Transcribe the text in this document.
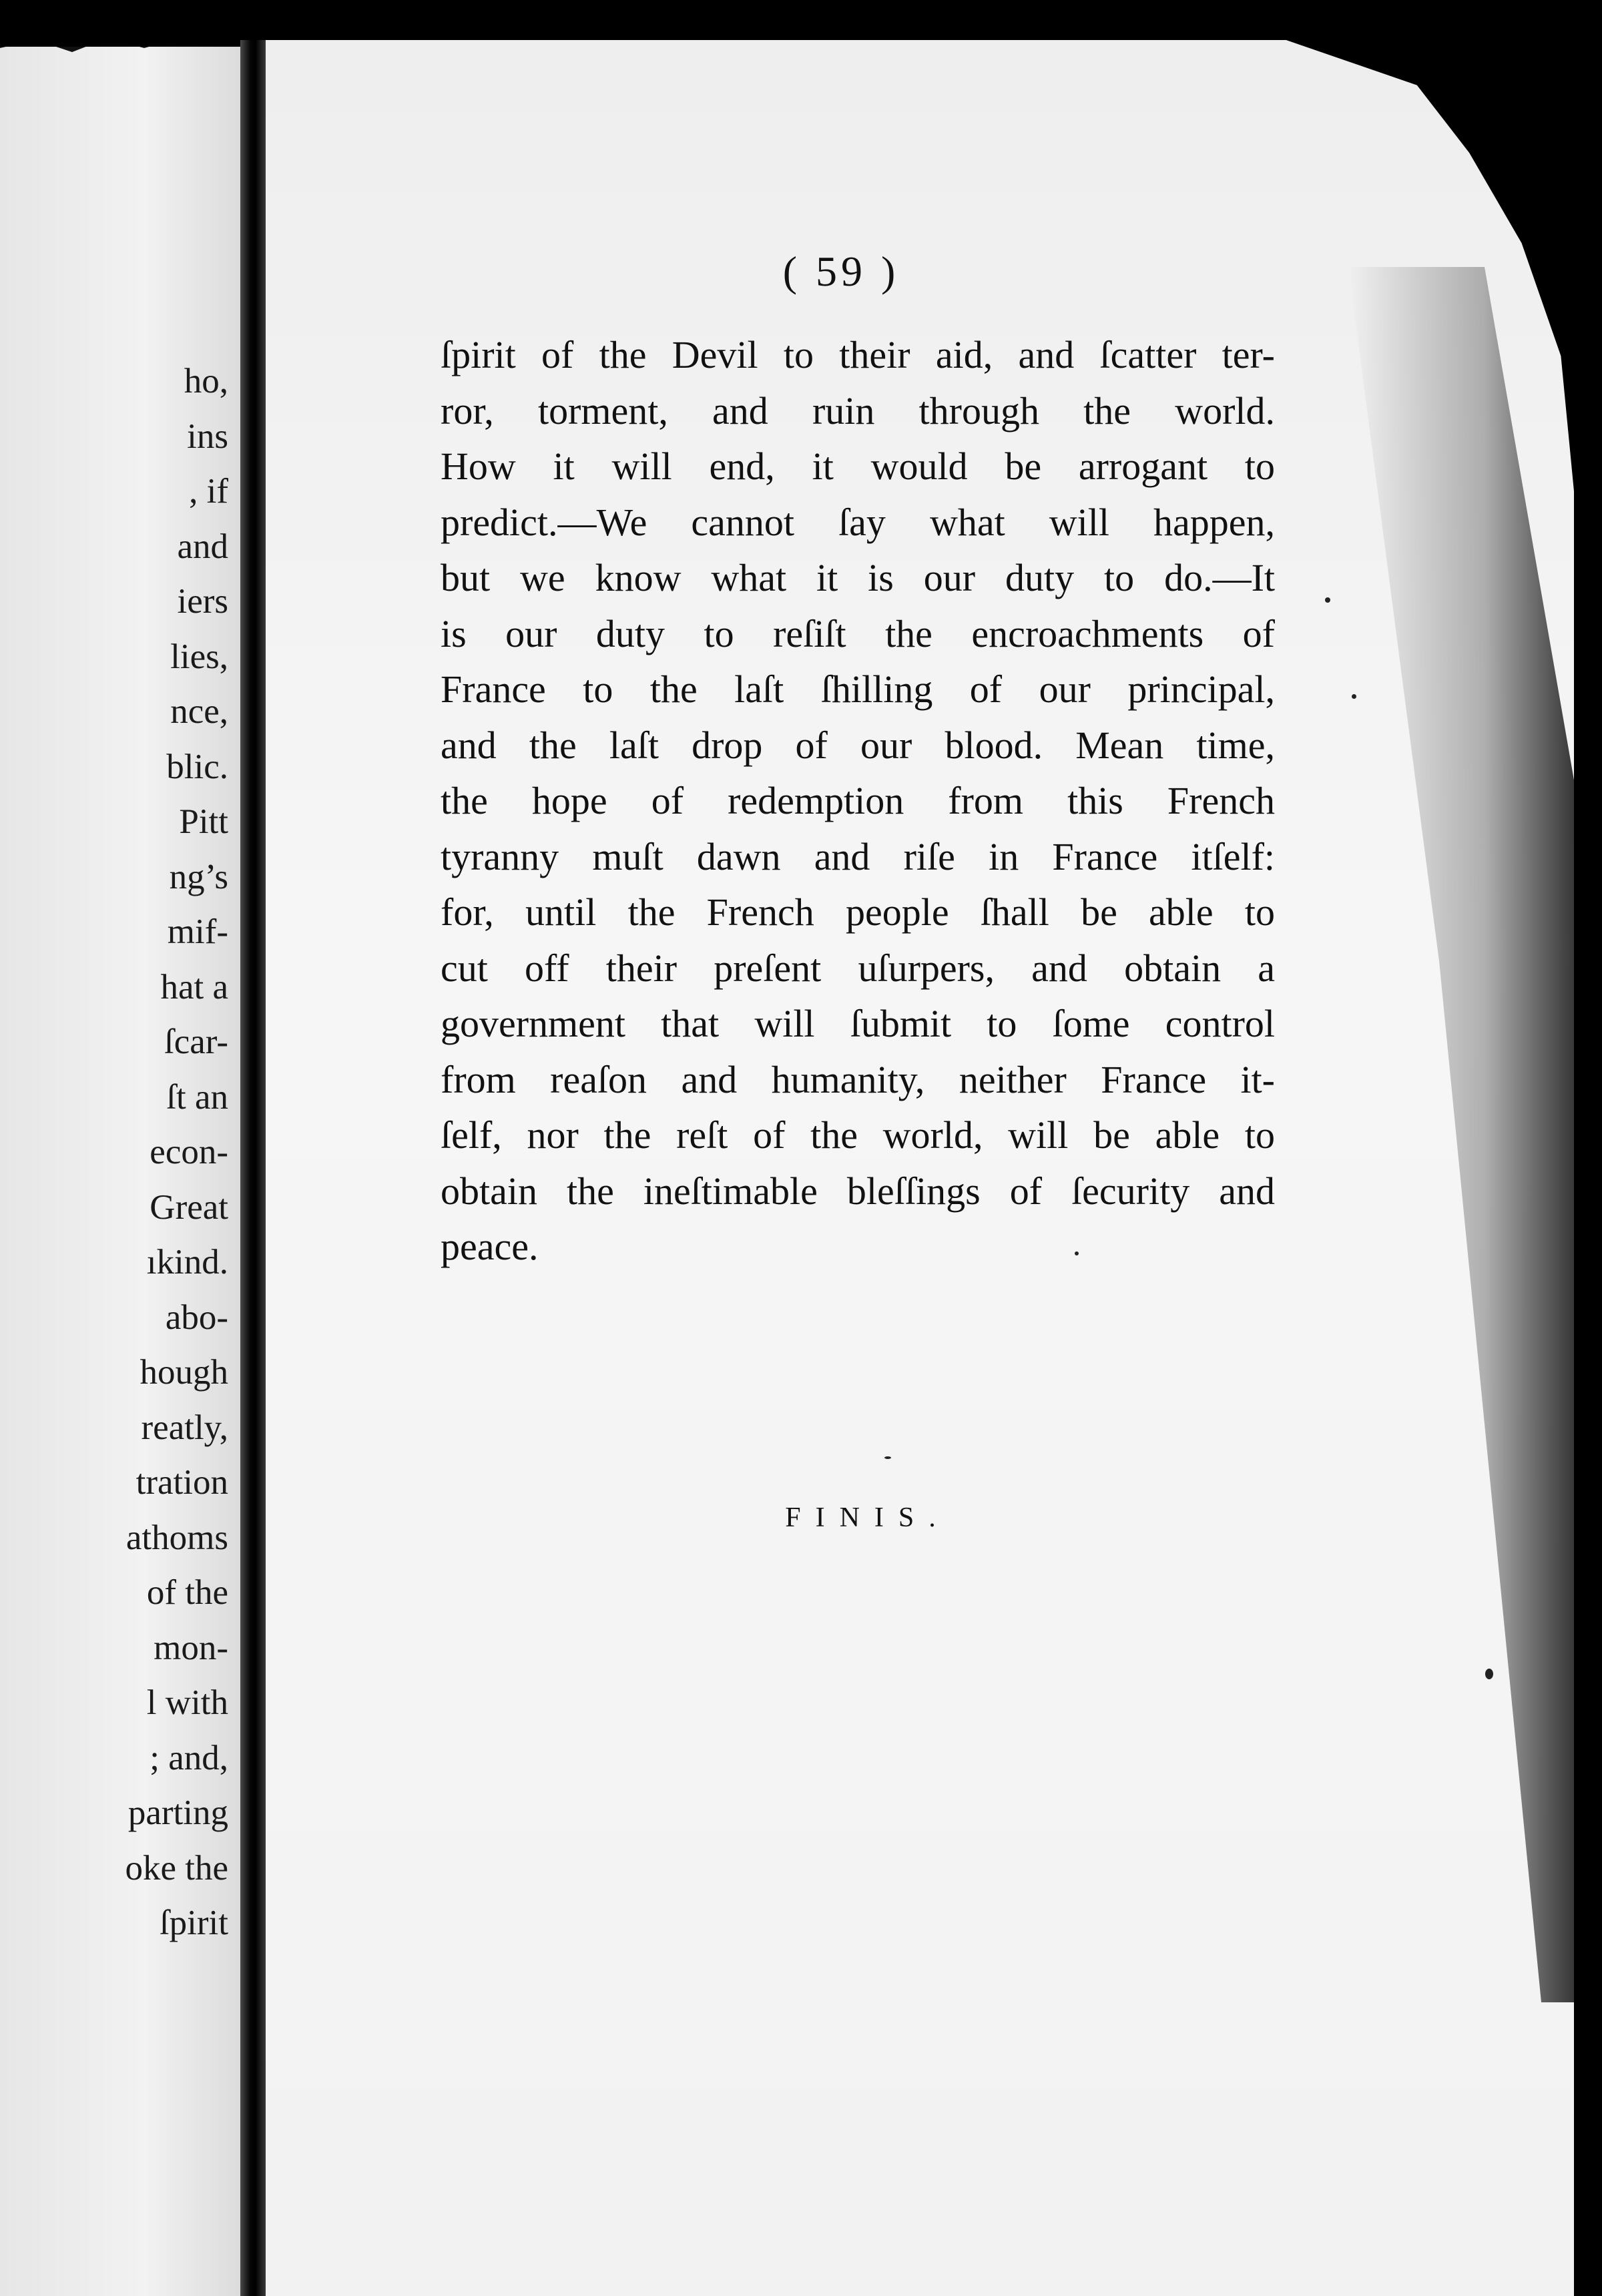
ho,
ins
, if
and
iers
lies,
nce,
blic.
Pitt
ng’s
mif-
hat a
ſcar-
ſt an
econ-
Great
ıkind.
abo-
hough
reatly,
tration
athoms
of the
mon-
l with
; and,
parting
oke the
ſpirit
( 59 )
ſpirit of the Devil to their aid, and ſcatter ter-
ror, torment, and ruin through the world.
How it will end, it would be arrogant to
predict.—We cannot ſay what will happen,
but we know what it is our duty to do.—It
is our duty to reſiſt the encroachments of
France to the laſt ſhilling of our principal,
and the laſt drop of our blood. Mean time,
the hope of redemption from this French
tyranny muſt dawn and riſe in France itſelf:
for, until the French people ſhall be able to
cut off their preſent uſurpers, and obtain a
government that will ſubmit to ſome control
from reaſon and humanity, neither France it-
ſelf, nor the reſt of the world, will be able to
obtain the ineſtimable bleſſings of ſecurity and
peace.
FINIS.
